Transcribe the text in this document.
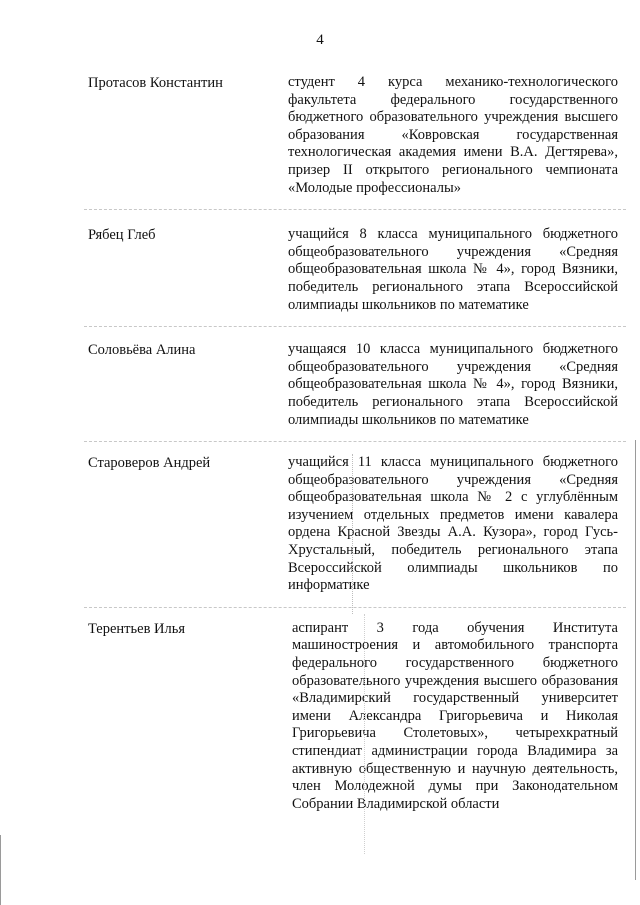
4
Протасов Константин	студент 4 курса механико-технологического факультета федерального государственного бюджетного образовательного учреждения высшего образования «Ковровская государственная технологическая академия имени В.А. Дегтярева», призер II открытого регионального чемпионата «Молодые профессионалы»
Рябец Глеб	учащийся 8 класса муниципального бюджетного общеобразовательного учреждения «Средняя общеобразовательная школа № 4», город Вязники, победитель регионального этапа Всероссийской олимпиады школьников по математике
Соловьёва Алина	учащаяся 10 класса муниципального бюджетного общеобразовательного учреждения «Средняя общеобразовательная школа № 4», город Вязники, победитель регионального этапа Всероссийской олимпиады школьников по математике
Староверов Андрей	учащийся 11 класса муниципального бюджетного общеобразовательного учреждения «Средняя общеобразовательная школа № 2 с углублённым изучением отдельных предметов имени кавалера ордена Красной Звезды А.А. Кузора», город Гусь-Хрустальный, победитель регионального этапа Всероссийской олимпиады школьников по информатике
Терентьев Илья	аспирант 3 года обучения Института машиностроения и автомобильного транспорта федерального государственного бюджетного образовательного учреждения высшего образования «Владимирский государственный университет имени Александра Григорьевича и Николая Григорьевича Столетовых», четырехкратный стипендиат администрации города Владимира за активную общественную и научную деятельность, член Молодежной думы при Законодательном Собрании Владимирской области
